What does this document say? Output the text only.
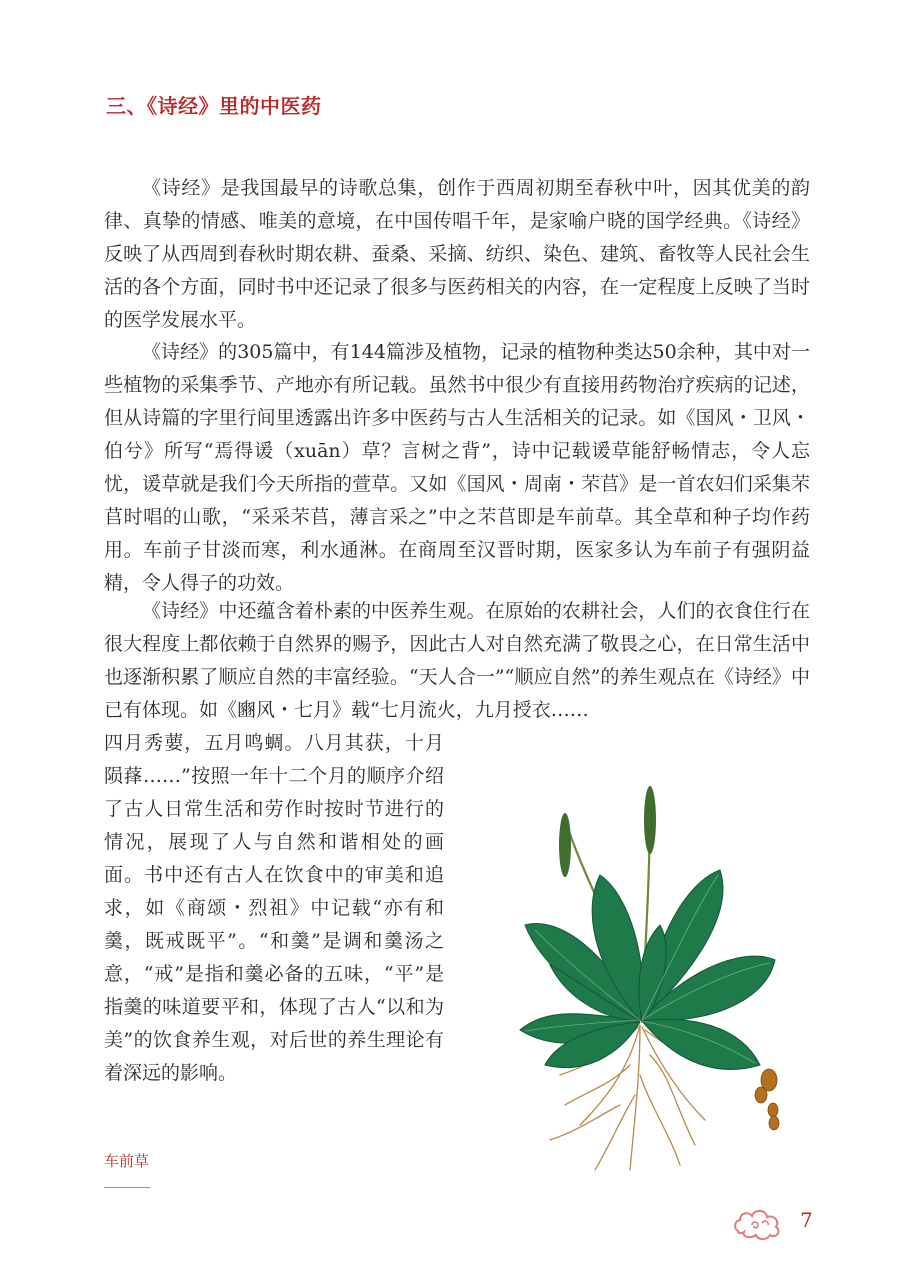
三、《诗经》里的中医药

《诗经》是我国最早的诗歌总集，创作于西周初期至春秋中叶，因其优美的韵律、真挚的情感、唯美的意境，在中国传唱千年，是家喻户晓的国学经典。《诗经》反映了从西周到春秋时期农耕、蚕桑、采摘、纺织、染色、建筑、畜牧等人民社会生活的各个方面，同时书中还记录了很多与医药相关的内容，在一定程度上反映了当时的医学发展水平。

《诗经》的305篇中，有144篇涉及植物，记录的植物种类达50余种，其中对一些植物的采集季节、产地亦有所记载。虽然书中很少有直接用药物治疗疾病的记述，但从诗篇的字里行间里透露出许多中医药与古人生活相关的记录。如《国风・卫风・伯兮》所写“焉得谖（xuān）草？言树之背”，诗中记载谖草能舒畅情志，令人忘忧，谖草就是我们今天所指的萱草。又如《国风・周南・芣苢》是一首农妇们采集芣苢时唱的山歌，“采采芣苢，薄言采之”中之芣苢即是车前草。其全草和种子均作药用。车前子甘淡而寒，利水通淋。在商周至汉晋时期，医家多认为车前子有强阴益精，令人得子的功效。

《诗经》中还蕴含着朴素的中医养生观。在原始的农耕社会，人们的衣食住行在很大程度上都依赖于自然界的赐予，因此古人对自然充满了敬畏之心，在日常生活中也逐渐积累了顺应自然的丰富经验。“天人合一”“顺应自然”的养生观点在《诗经》中已有体现。如《豳风・七月》载“七月流火，九月授衣……

四月秀葽，五月鸣蜩。八月其获，十月陨萚……”按照一年十二个月的顺序介绍了古人日常生活和劳作时按时节进行的情况，展现了人与自然和谐相处的画面。书中还有古人在饮食中的审美和追求，如《商颂・烈祖》中记载“亦有和羹，既戒既平”。“和羹”是调和羹汤之意，“戒”是指和羹必备的五味，“平”是指羹的味道要平和，体现了古人“以和为美”的饮食养生观，对后世的养生理论有着深远的影响。

车前草
7
